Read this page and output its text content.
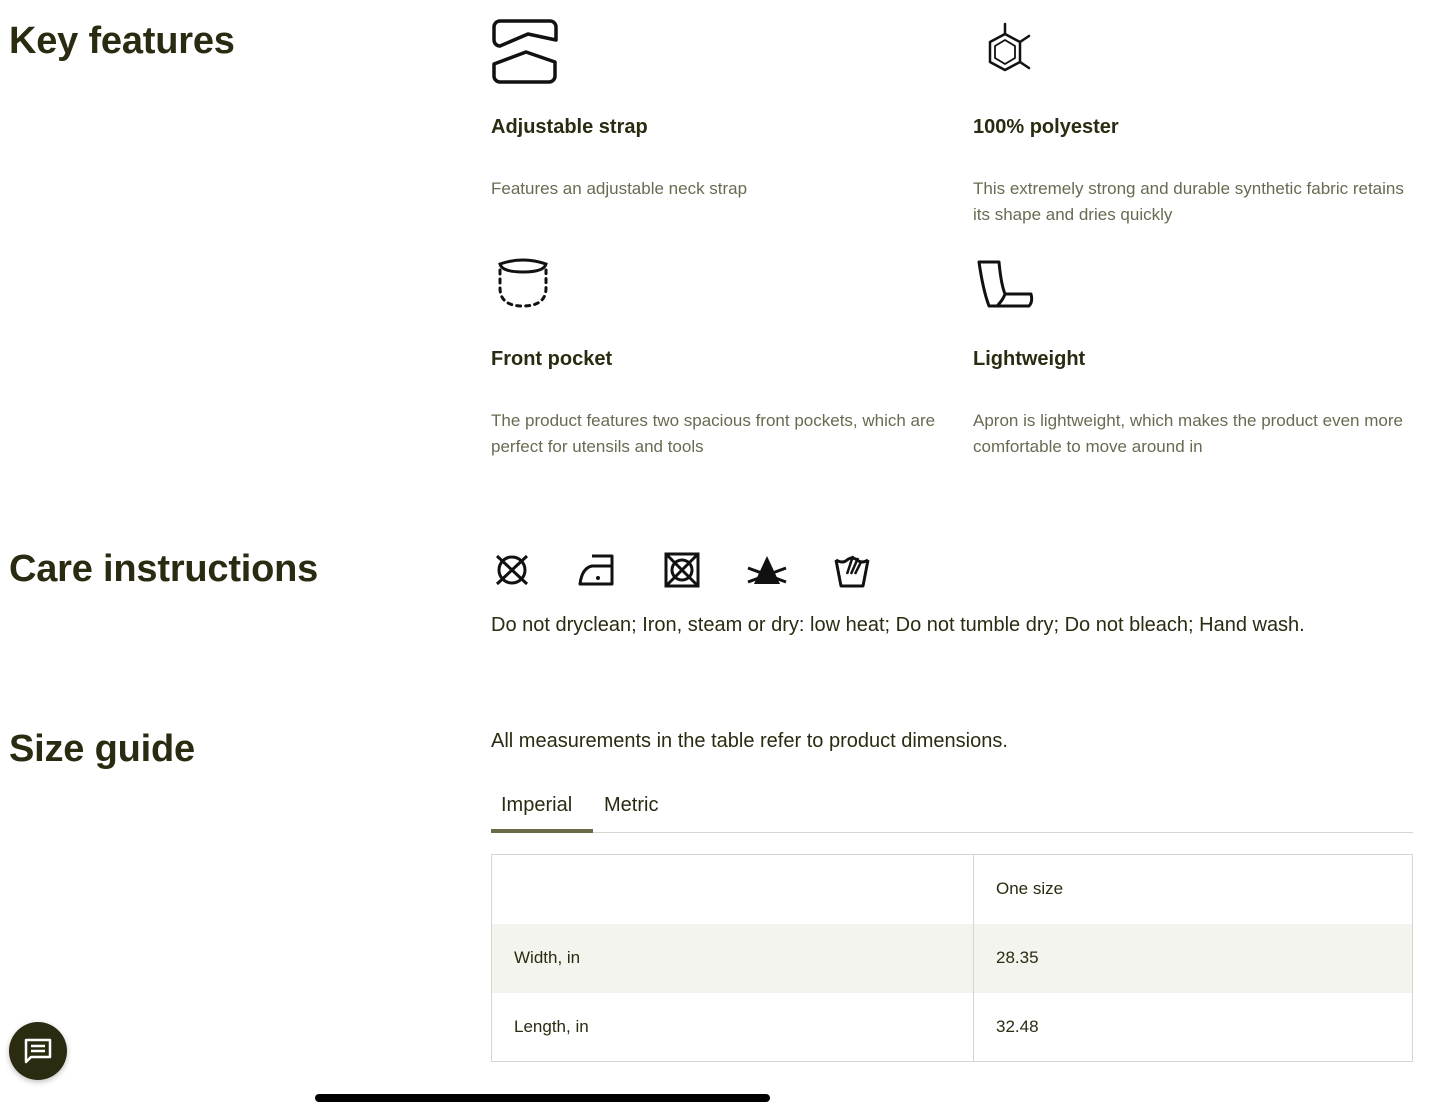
Key features
Adjustable strap
Features an adjustable neck strap
100% polyester
This extremely strong and durable synthetic fabric retains its shape and dries quickly
Front pocket
The product features two spacious front pockets, which are perfect for utensils and tools
Lightweight
Apron is lightweight, which makes the product even more comfortable to move around in
Care instructions
Do not dryclean; Iron, steam or dry: low heat; Do not tumble dry; Do not bleach; Hand wash.
Size guide	All measurements in the table refer to product dimensions.
Imperial	Metric
	One size
Width, in	28.35
Length, in	32.48
